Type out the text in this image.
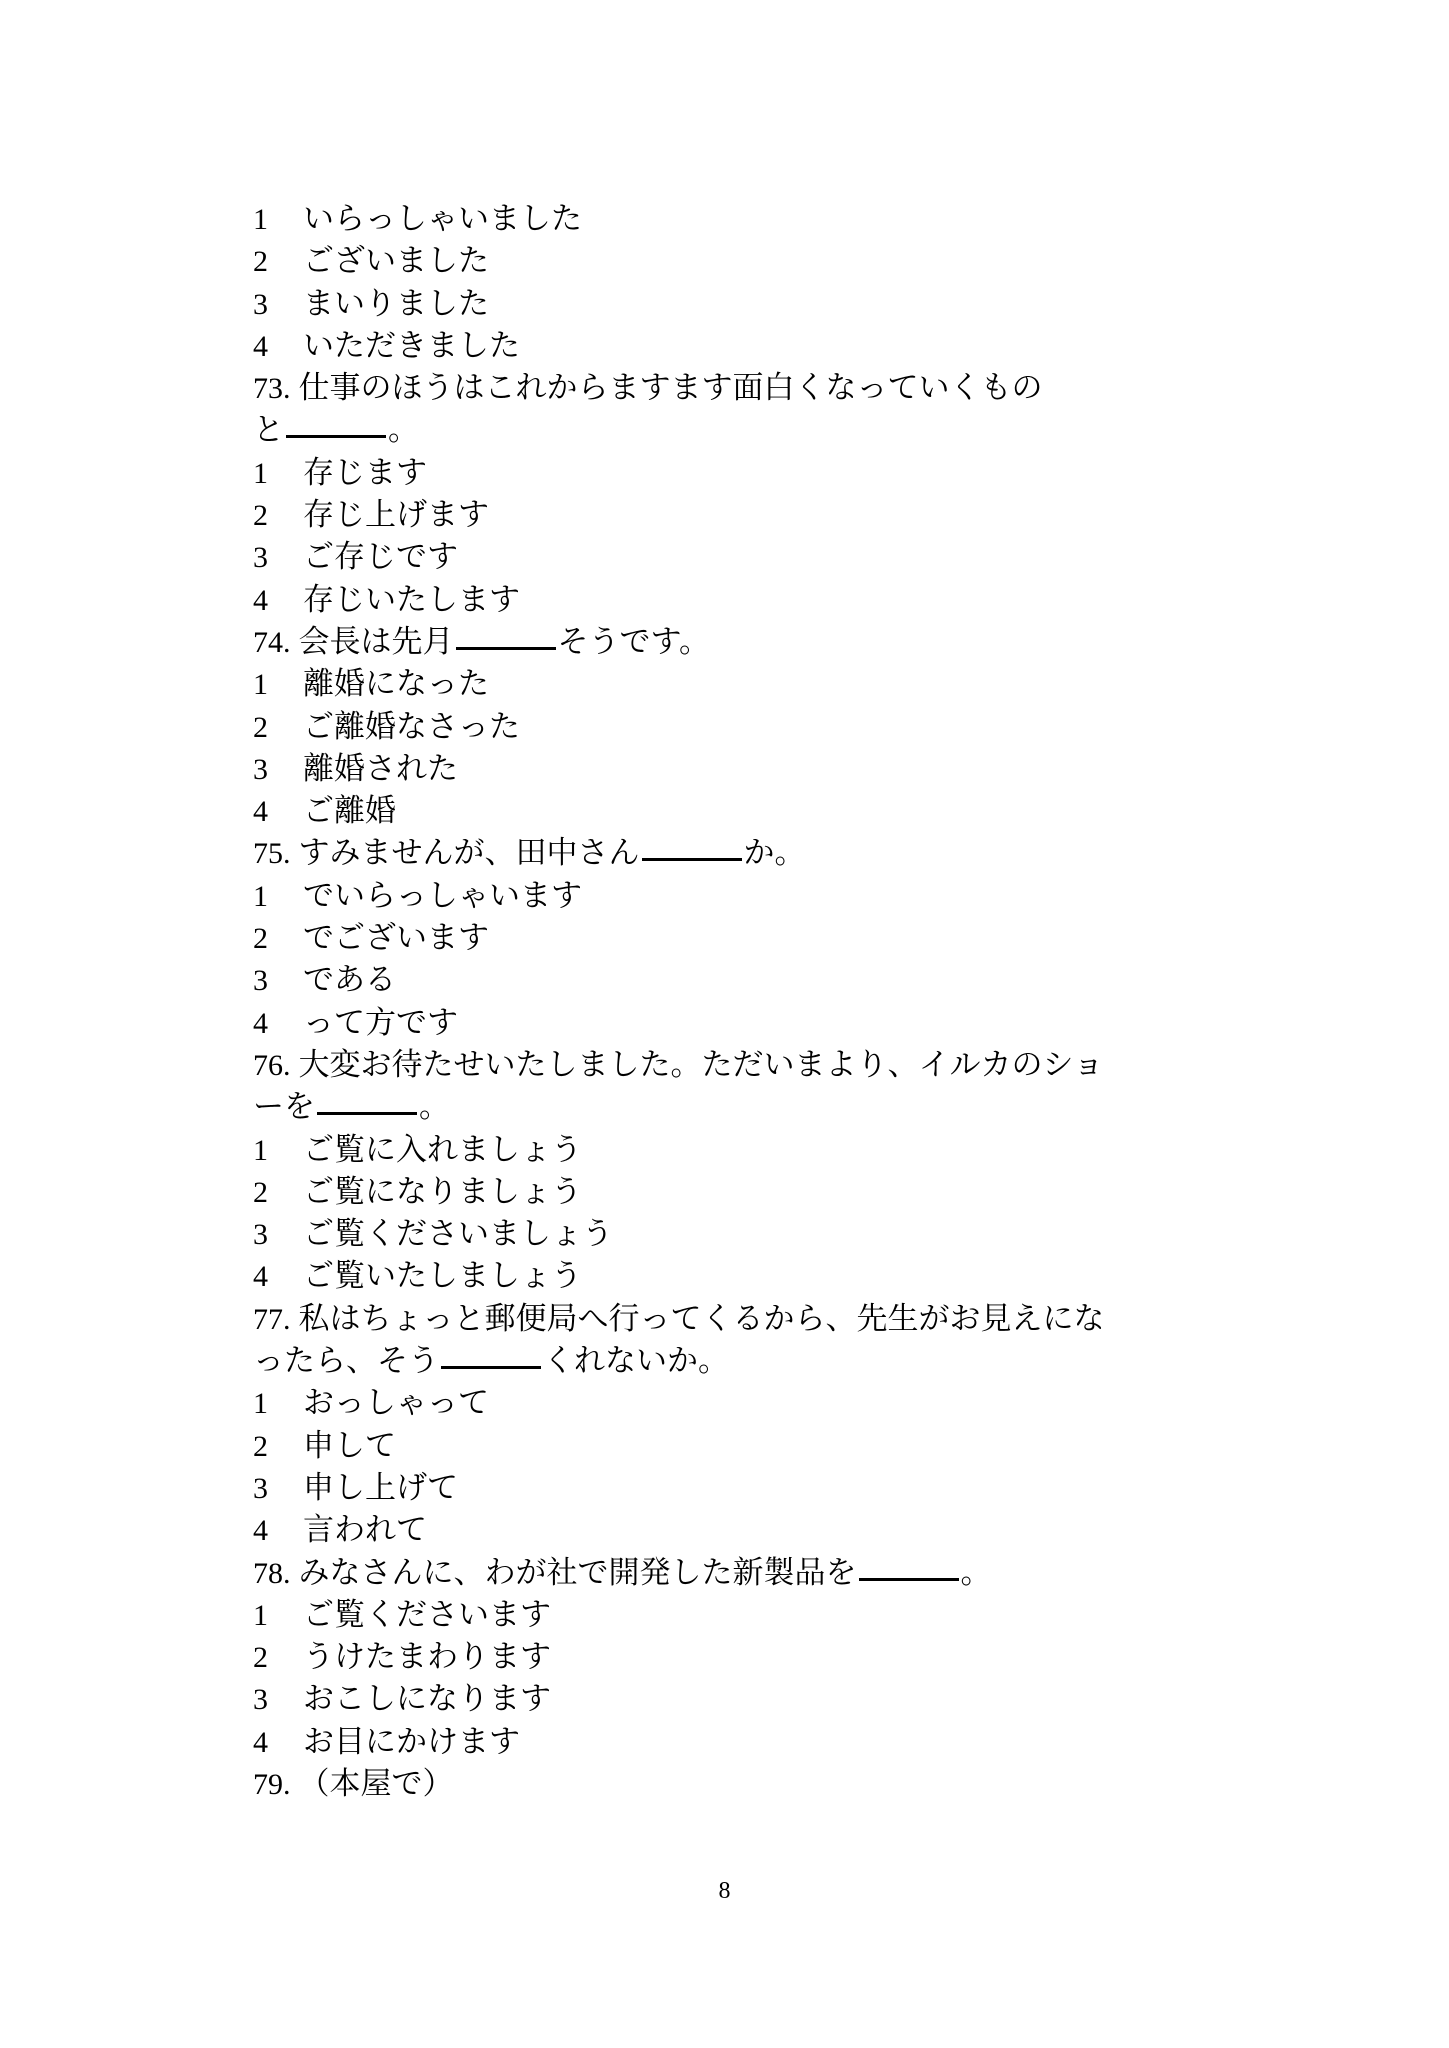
1 いらっしゃいました
2 ございました
3 まいりました
4 いただきました
73. 仕事のほうはこれからますます面白くなっていくもの
と	。
1 存じます
2 存じ上げます
3 ご存じです
4 存じいたします
74. 会長は先月	そうです。
1 離婚になった
2 ご離婚なさった
3 離婚された
4 ご離婚
75. すみませんが、田中さん	か。
1 でいらっしゃいます
2 でございます
3 である
4 って方です
76. 大変お待たせいたしました。ただいまより、イルカのショ
ーを	。
1 ご覧に入れましょう
2 ご覧になりましょう
3 ご覧くださいましょう
4 ご覧いたしましょう
77. 私はちょっと郵便局へ行ってくるから、先生がお見えにな
ったら、そう	くれないか。
1 おっしゃって
2 申して
3 申し上げて
4 言われて
78. みなさんに、わが社で開発した新製品を	。
1 ご覧くださいます
2 うけたまわります
3 おこしになります
4 お目にかけます
79. （本屋で）
8
